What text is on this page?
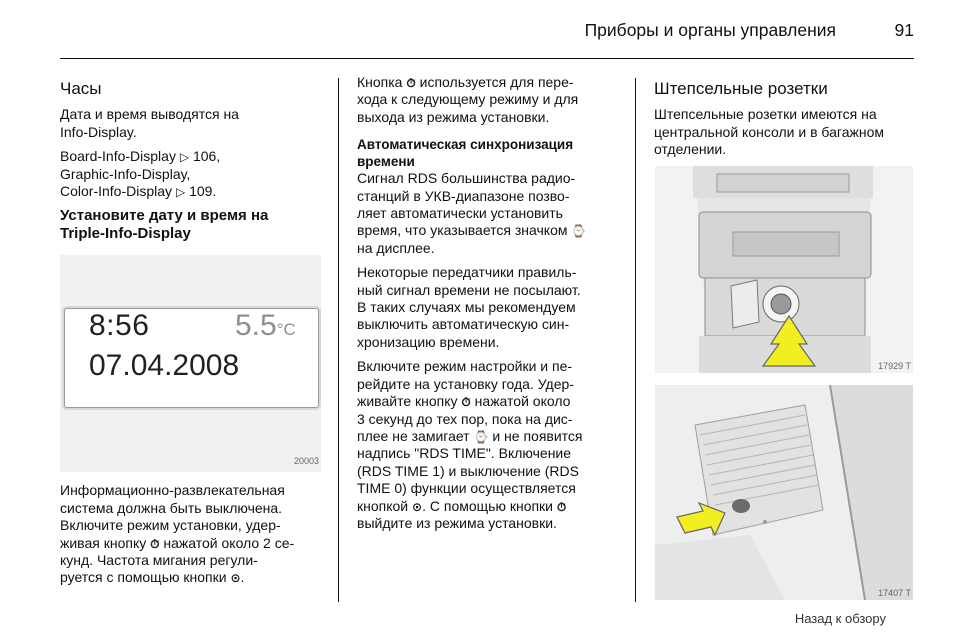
Приборы и органы управления	91
Часы

Дата и время выводятся на
Info-Display.

Board-Info-Display ▷ 106,
Graphic-Info-Display,
Color-Info-Display ▷ 109.

Установите дату и время на
Triple-Info-Display
8:56	5.5°C
07.04.2008
20003

Информационно-развлекательная
система должна быть выключена.
Включите режим установки, удер-
живая кнопку ⏱ нажатой около 2 се-
кунд. Частота мигания регули-
руется с помощью кнопки ⊙.

Кнопка ⏱ используется для пере-
хода к следующему режиму и для
выхода из режима установки.

Автоматическая синхронизация
времени

Сигнал RDS большинства радио-
станций в УКВ-диапазоне позво-
ляет автоматически установить
время, что указывается значком ⌚
на дисплее.

Некоторые передатчики правиль-
ный сигнал времени не посылают.
В таких случаях мы рекомендуем
выключить автоматическую син-
хронизацию времени.

Включите режим настройки и пе-
рейдите на установку года. Удер-
живайте кнопку ⏱ нажатой около
3 секунд до тех пор, пока на дис-
плее не замигает ⌚ и не появится
надпись "RDS TIME". Включение
(RDS TIME 1) и выключение (RDS
TIME 0) функции осуществляется
кнопкой ⊙. С помощью кнопки ⏱
выйдите из режима установки.

Штепсельные розетки

Штепсельные розетки имеются на
центральной консоли и в багажном
отделении.

17929 T
17407 T
Назад к обзору
